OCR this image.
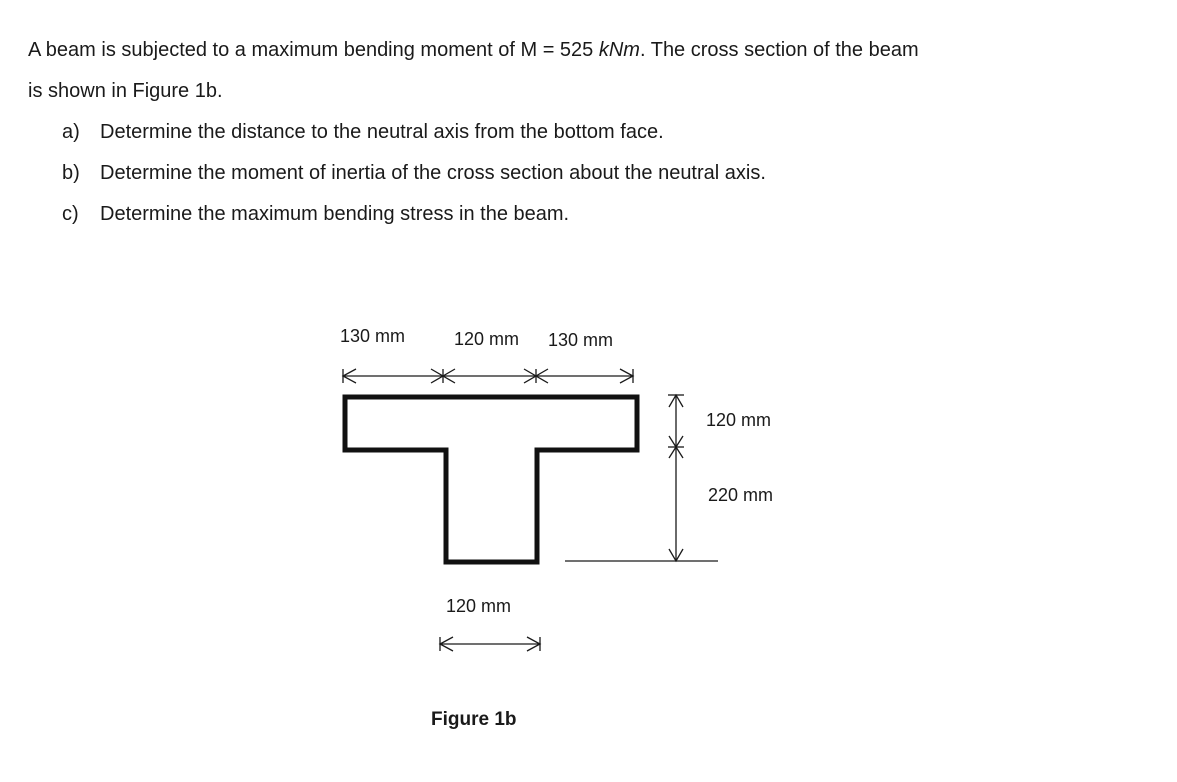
A beam is subjected to a maximum bending moment of M = 525 kNm. The cross section of the beam
is shown in Figure 1b.
a) Determine the distance to the neutral axis from the bottom face.
b) Determine the moment of inertia of the cross section about the neutral axis.
c) Determine the maximum bending stress in the beam.
130 mm	120 mm 130 mm
120 mm
220 mm
120 mm
Figure 1b
